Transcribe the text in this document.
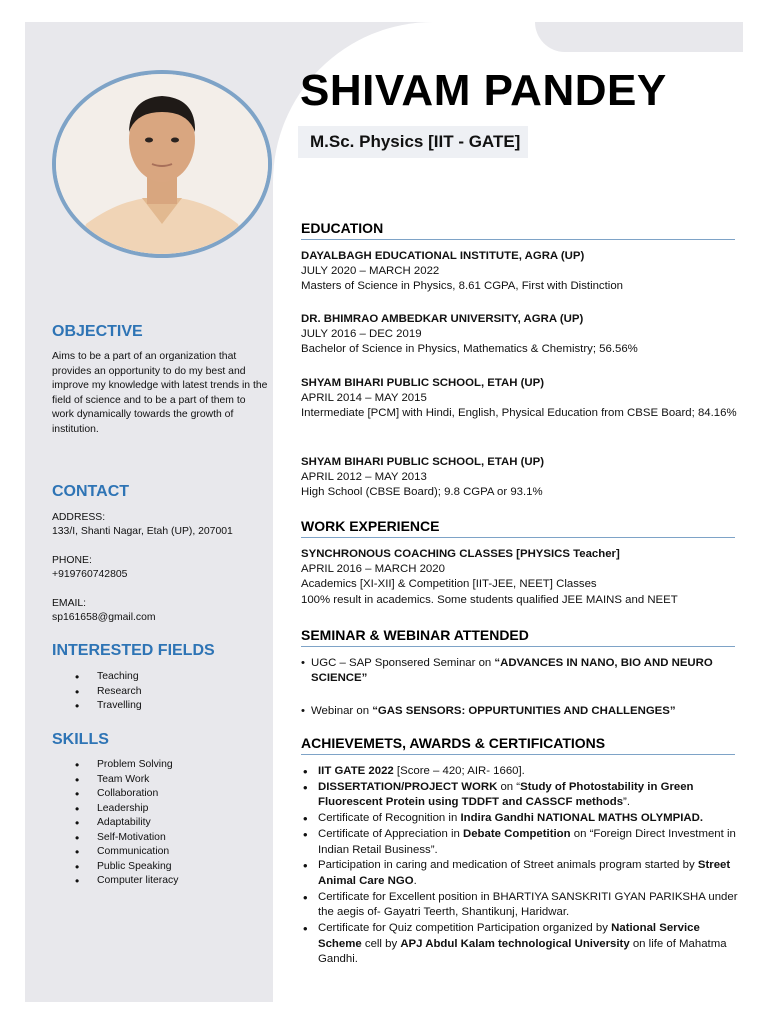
SHIVAM PANDEY
M.Sc. Physics [IIT - GATE]
OBJECTIVE
Aims to be a part of an organization that provides an opportunity to do my best and improve my knowledge with latest trends in the field of science and to be a part of them to work dynamically towards the growth of institution.
CONTACT
ADDRESS:
133/I, Shanti Nagar, Etah (UP), 207001
PHONE:
+919760742805
EMAIL:
sp161658@gmail.com
INTERESTED FIELDS
• Teaching
• Research
• Travelling
SKILLS
• Problem Solving
• Team Work
• Collaboration
• Leadership
• Adaptability
• Self-Motivation
• Communication
• Public Speaking
• Computer literacy
EDUCATION
DAYALBAGH EDUCATIONAL INSTITUTE, AGRA (UP)
JULY 2020 – MARCH 2022
Masters of Science in Physics, 8.61 CGPA, First with Distinction
DR. BHIMRAO AMBEDKAR UNIVERSITY, AGRA (UP)
JULY 2016 – DEC 2019
Bachelor of Science in Physics, Mathematics & Chemistry; 56.56%
SHYAM BIHARI PUBLIC SCHOOL, ETAH (UP)
APRIL 2014 – MAY 2015
Intermediate [PCM] with Hindi, English, Physical Education from CBSE Board; 84.16%
SHYAM BIHARI PUBLIC SCHOOL, ETAH (UP)
APRIL 2012 – MAY 2013
High School (CBSE Board); 9.8 CGPA or 93.1%
WORK EXPERIENCE
SYNCHRONOUS COACHING CLASSES [PHYSICS Teacher]
APRIL 2016 – MARCH 2020
Academics [XI-XII] & Competition [IIT-JEE, NEET] Classes
100% result in academics. Some students qualified JEE MAINS and NEET
SEMINAR & WEBINAR ATTENDED
• UGC – SAP Sponsered Seminar on “ADVANCES IN NANO, BIO AND NEURO SCIENCE”
• Webinar on “GAS SENSORS: OPPURTUNITIES AND CHALLENGES”
ACHIEVEMETS, AWARDS & CERTIFICATIONS
• IIT GATE 2022 [Score – 420; AIR- 1660].
• DISSERTATION/PROJECT WORK on “Study of Photostability in Green Fluorescent Protein using TDDFT and CASSCF methods”.
• Certificate of Recognition in Indira Gandhi NATIONAL MATHS OLYMPIAD.
• Certificate of Appreciation in Debate Competition on “Foreign Direct Investment in Indian Retail Business”.
• Participation in caring and medication of Street animals program started by Street Animal Care NGO.
• Certificate for Excellent position in BHARTIYA SANSKRITI GYAN PARIKSHA under the aegis of- Gayatri Teerth, Shantikunj, Haridwar.
• Certificate for Quiz competition Participation organized by National Service Scheme cell by APJ Abdul Kalam technological University on life of Mahatma Gandhi.
